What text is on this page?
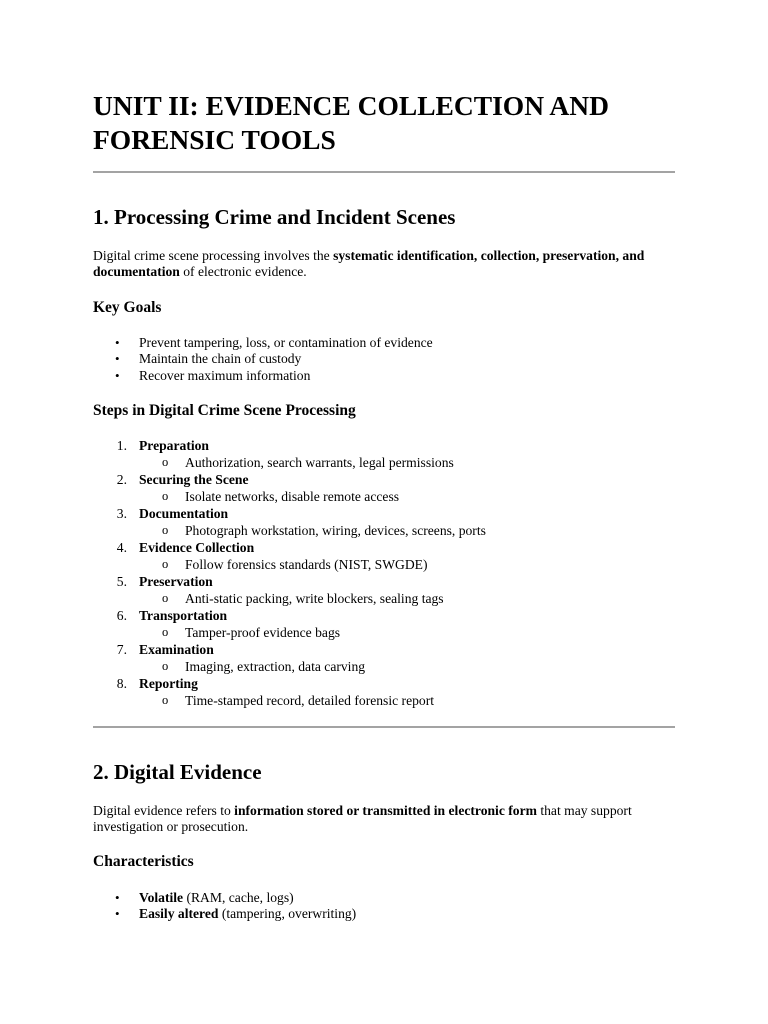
UNIT II: EVIDENCE COLLECTION AND FORENSIC TOOLS
1. Processing Crime and Incident Scenes

Digital crime scene processing involves the systematic identification, collection, preservation, and documentation of electronic evidence.

Key Goals
• Prevent tampering, loss, or contamination of evidence
• Maintain the chain of custody
• Recover maximum information
Steps in Digital Crime Scene Processing
1. Preparation
o Authorization, search warrants, legal permissions
2. Securing the Scene
o Isolate networks, disable remote access
3. Documentation
o Photograph workstation, wiring, devices, screens, ports
4. Evidence Collection
o Follow forensics standards (NIST, SWGDE)
5. Preservation
o Anti-static packing, write blockers, sealing tags
6. Transportation
o Tamper-proof evidence bags
7. Examination
o Imaging, extraction, data carving
8. Reporting
o Time-stamped record, detailed forensic report
2. Digital Evidence

Digital evidence refers to information stored or transmitted in electronic form that may support investigation or prosecution.

Characteristics
• Volatile (RAM, cache, logs)
• Easily altered (tampering, overwriting)
